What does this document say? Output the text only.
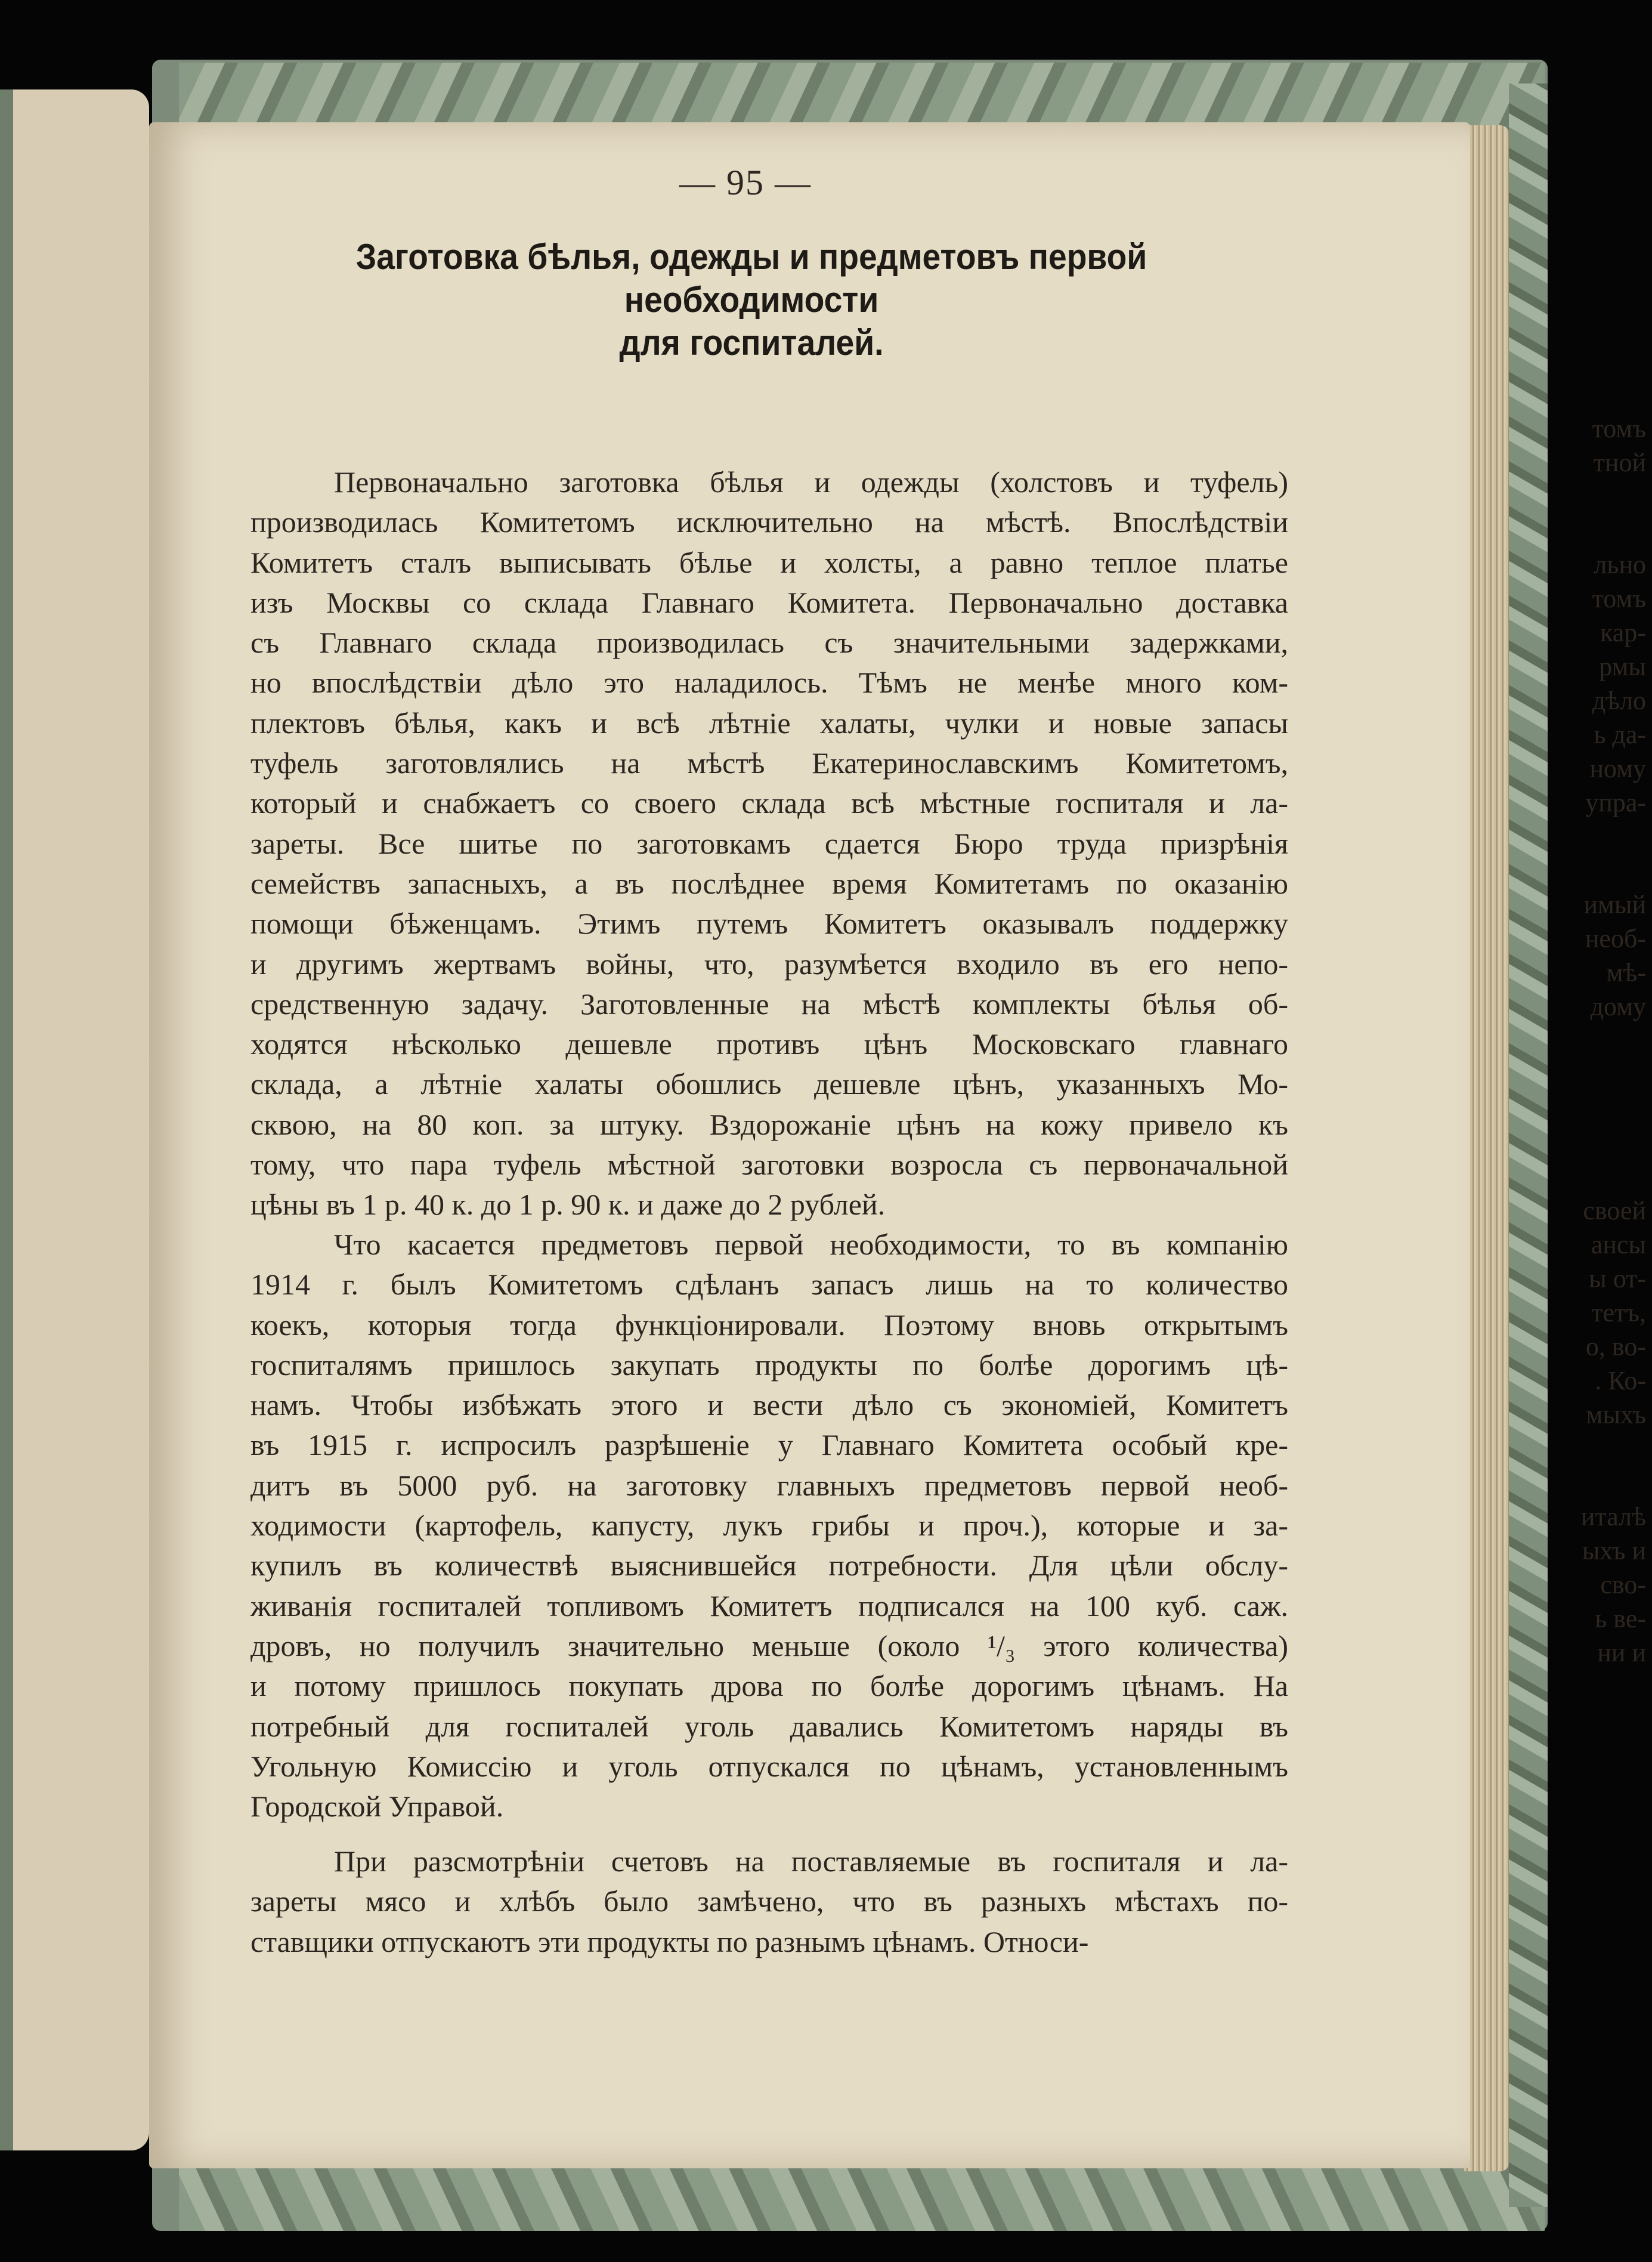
томъ
тной
льно
томъ
кар-
рмы
дѣло
ь да-
ному
упра-
имый
необ-
мѣ-
дому
своей
ансы
ы от-
тетъ,
о, во-
. Ко-
мыхъ
италѣ
ыхъ и
сво-
ь ве-
ни и
— 95 —
Заготовка бѣлья, одежды и предметовъ первой необходимости
для госпиталей.
Первоначально заготовка бѣлья и одежды (холстовъ и туфель)
производилась Комитетомъ исключительно на мѣстѣ. Впослѣдствіи
Комитетъ сталъ выписывать бѣлье и холсты, а равно теплое платье
изъ Москвы со склада Главнаго Комитета. Первоначально доставка
съ Главнаго склада производилась съ значительными задержками,
но впослѣдствіи дѣло это наладилось. Тѣмъ не менѣе много ком-
плектовъ бѣлья, какъ и всѣ лѣтніе халаты, чулки и новые запасы
туфель заготовлялись на мѣстѣ Екатеринославскимъ Комитетомъ,
который и снабжаетъ со своего склада всѣ мѣстные госпиталя и ла-
зареты. Все шитье по заготовкамъ сдается Бюро труда призрѣнія
семействъ запасныхъ, а въ послѣднее время Комитетамъ по оказанію
помощи бѣженцамъ. Этимъ путемъ Комитетъ оказывалъ поддержку
и другимъ жертвамъ войны, что, разумѣется входило въ его непо-
средственную задачу. Заготовленные на мѣстѣ комплекты бѣлья об-
ходятся нѣсколько дешевле противъ цѣнъ Московскаго главнаго
склада, а лѣтніе халаты обошлись дешевле цѣнъ, указанныхъ Мо-
сквою, на 80 коп. за штуку. Вздорожаніе цѣнъ на кожу привело къ
тому, что пара туфель мѣстной заготовки возросла съ первоначальной
цѣны въ 1 р. 40 к. до 1 р. 90 к. и даже до 2 рублей.
Что касается предметовъ первой необходимости, то въ компанію
1914 г. былъ Комитетомъ сдѣланъ запасъ лишь на то количество
коекъ, которыя тогда функціонировали. Поэтому вновь открытымъ
госпиталямъ пришлось закупать продукты по болѣе дорогимъ цѣ-
намъ. Чтобы избѣжать этого и вести дѣло съ экономіей, Комитетъ
въ 1915 г. испросилъ разрѣшеніе у Главнаго Комитета особый кре-
дитъ въ 5000 руб. на заготовку главныхъ предметовъ первой необ-
ходимости (картофель, капусту, лукъ грибы и проч.), которые и за-
купилъ въ количествѣ выяснившейся потребности. Для цѣли обслу-
живанія госпиталей топливомъ Комитетъ подписался на 100 куб. саж.
дровъ, но получилъ значительно меньше (около ¹/₃ этого количества)
и потому пришлось покупать дрова по болѣе дорогимъ цѣнамъ. На
потребный для госпиталей уголь давались Комитетомъ наряды въ
Угольную Комиссію и уголь отпускался по цѣнамъ, установленнымъ
Городской Управой.
При разсмотрѣніи счетовъ на поставляемые въ госпиталя и ла-
зареты мясо и хлѣбъ было замѣчено, что въ разныхъ мѣстахъ по-
ставщики отпускаютъ эти продукты по разнымъ цѣнамъ. Относи-
